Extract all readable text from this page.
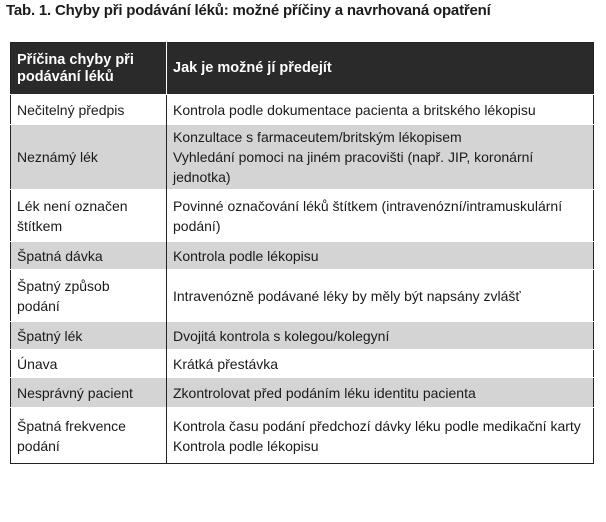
Tab. 1. Chyby při podávání léků: možné příčiny a navrhovaná opatření
Příčina chyby při
podávání léků	Jak je možné jí předejít

Nečitelný předpis	Kontrola podle dokumentace pacienta a britského lékopisu

Neznámý lék	Konzultace s farmaceutem/britským lékopisem
Vyhledání pomoci na jiném pracovišti (např. JIP, koronární
jednotka)

Lék není označen
štítkem	Povinné označování léků štítkem (intravenózní/intramuskulární
podání)

Špatná dávka	Kontrola podle lékopisu

Špatný způsob
podání	Intravenózně podávané léky by měly být napsány zvlášť

Špatný lék	Dvojitá kontrola s kolegou/kolegyní

Únava	Krátká přestávka

Nesprávný pacient	Zkontrolovat před podáním léku identitu pacienta

Špatná frekvence
podání	Kontrola času podání předchozí dávky léku podle medikační karty
Kontrola podle lékopisu
